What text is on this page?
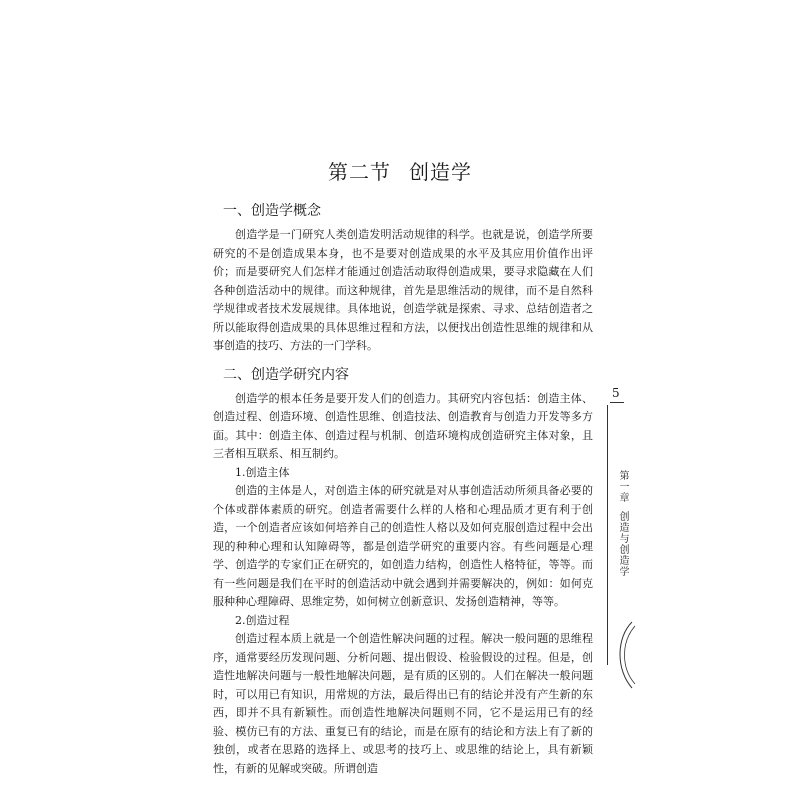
第二节 创造学
一、创造学概念

创造学是一门研究人类创造发明活动规律的科学。也就是说，创造学所要研究的不是创造成果本身，也不是要对创造成果的水平及其应用价值作出评价；而是要研究人们怎样才能通过创造活动取得创造成果，要寻求隐藏在人们各种创造活动中的规律。而这种规律，首先是思维活动的规律，而不是自然科学规律或者技术发展规律。具体地说，创造学就是探索、寻求、总结创造者之所以能取得创造成果的具体思维过程和方法，以便找出创造性思维的规律和从事创造的技巧、方法的一门学科。

二、创造学研究内容

创造学的根本任务是要开发人们的创造力。其研究内容包括：创造主体、创造过程、创造环境、创造性思维、创造技法、创造教育与创造力开发等多方面。其中：创造主体、创造过程与机制、创造环境构成创造研究主体对象，且三者相互联系、相互制约。

1.创造主体

创造的主体是人，对创造主体的研究就是对从事创造活动所须具备必要的个体或群体素质的研究。创造者需要什么样的人格和心理品质才更有利于创造，一个创造者应该如何培养自己的创造性人格以及如何克服创造过程中会出现的种种心理和认知障碍等，都是创造学研究的重要内容。有些问题是心理学、创造学的专家们正在研究的，如创造力结构，创造性人格特征，等等。而有一些问题是我们在平时的创造活动中就会遇到并需要解决的，例如：如何克服种种心理障碍、思维定势，如何树立创新意识、发扬创造精神，等等。

2.创造过程

创造过程本质上就是一个创造性解决问题的过程。解决一般问题的思维程序，通常要经历发现问题、分析问题、提出假设、检验假设的过程。但是，创造性地解决问题与一般性地解决问题，是有质的区别的。人们在解决一般问题时，可以用已有知识，用常规的方法，最后得出已有的结论并没有产生新的东西，即并不具有新颖性。而创造性地解决问题则不同，它不是运用已有的经验、模仿已有的方法、重复已有的结论，而是在原有的结论和方法上有了新的独创，或者在思路的选择上、或思考的技巧上、或思维的结论上，具有新颖性，有新的见解或突破。所谓创造

5
第一章创造与创造学
